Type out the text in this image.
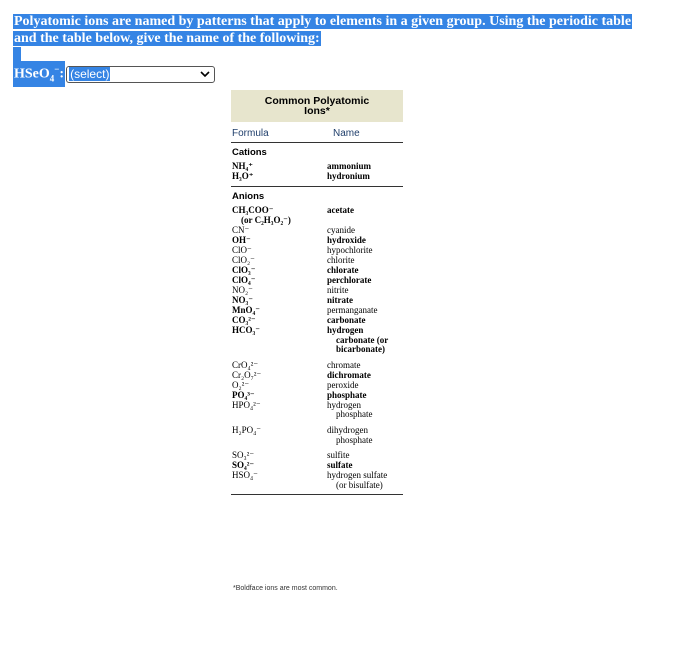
Polyatomic ions are named by patterns that apply to elements in a given group. Using the periodic table
and the table below, give the name of the following:
HSeO$_4$−: (select)
Common Polyatomic
Ions*
Formula	Name
Cations
NH₄⁺	ammonium
H₃O⁺	hydronium
Anions
CH₃COO⁻	acetate
(or C₂H₃O₂⁻)
CN⁻	cyanide
OH⁻	hydroxide
ClO⁻	hypochlorite
ClO₂⁻	chlorite
ClO₃⁻	chlorate
ClO₄⁻	perchlorate
NO₂⁻	nitrite
NO₃⁻	nitrate
MnO₄⁻	permanganate
CO₃²⁻	carbonate
HCO₃⁻	hydrogen
carbonate (or
bicarbonate)
CrO₄²⁻	chromate
Cr₂O₇²⁻	dichromate
O₂²⁻	peroxide
PO₄³⁻	phosphate
HPO₄²⁻	hydrogen
phosphate
H₂PO₄⁻	dihydrogen
phosphate
SO₃²⁻	sulfite
SO₄²⁻	sulfate
HSO₄⁻	hydrogen sulfate
(or bisulfate)
*Boldface ions are most common.
